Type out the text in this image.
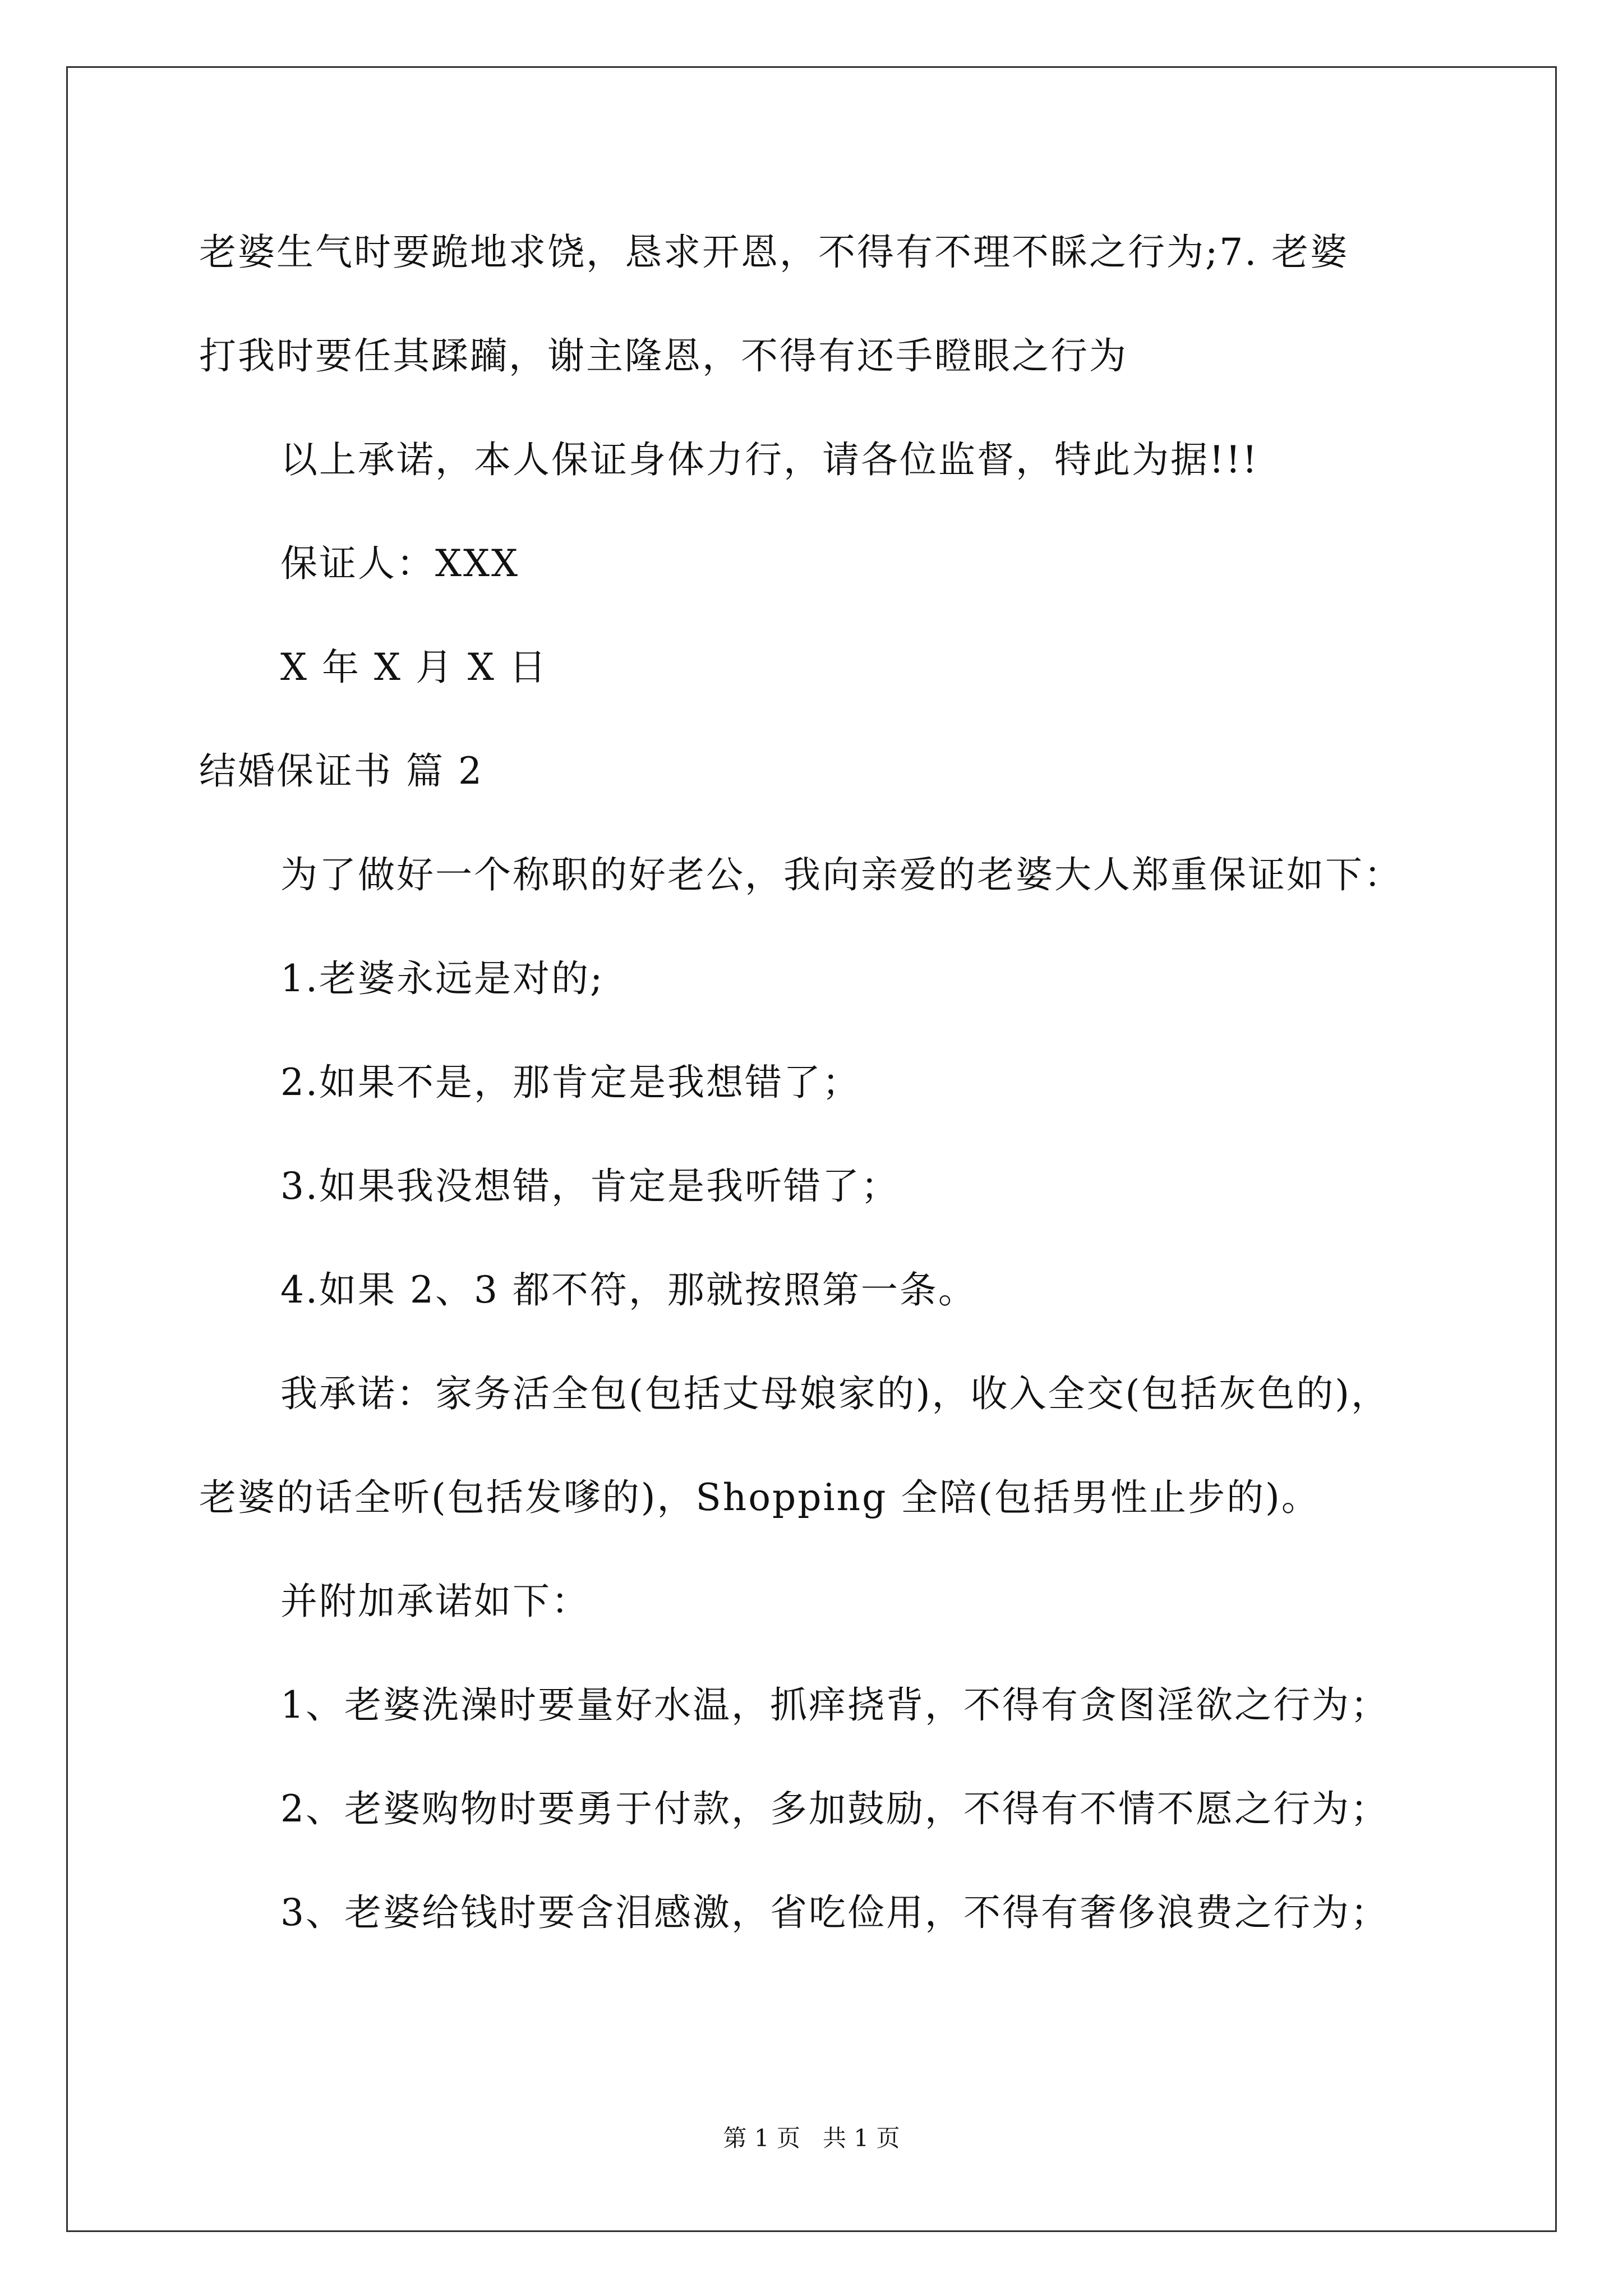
老婆生气时要跪地求饶，恳求开恩，不得有不理不睬之行为;7. 老婆
打我时要任其蹂躏，谢主隆恩，不得有还手瞪眼之行为
以上承诺，本人保证身体力行，请各位监督，特此为据!!!
保证人：XXX
X 年 X 月 X 日
结婚保证书 篇 2
为了做好一个称职的好老公，我向亲爱的老婆大人郑重保证如下：
1.老婆永远是对的;
2.如果不是，那肯定是我想错了；
3.如果我没想错，肯定是我听错了；
4.如果 2、3 都不符，那就按照第一条。
我承诺：家务活全包(包括丈母娘家的)，收入全交(包括灰色的)，
老婆的话全听(包括发嗲的)，Shopping 全陪(包括男性止步的)。
并附加承诺如下：
1、老婆洗澡时要量好水温，抓痒挠背，不得有贪图淫欲之行为；
2、老婆购物时要勇于付款，多加鼓励，不得有不情不愿之行为；
3、老婆给钱时要含泪感激，省吃俭用，不得有奢侈浪费之行为；
第 1 页   共 1 页
